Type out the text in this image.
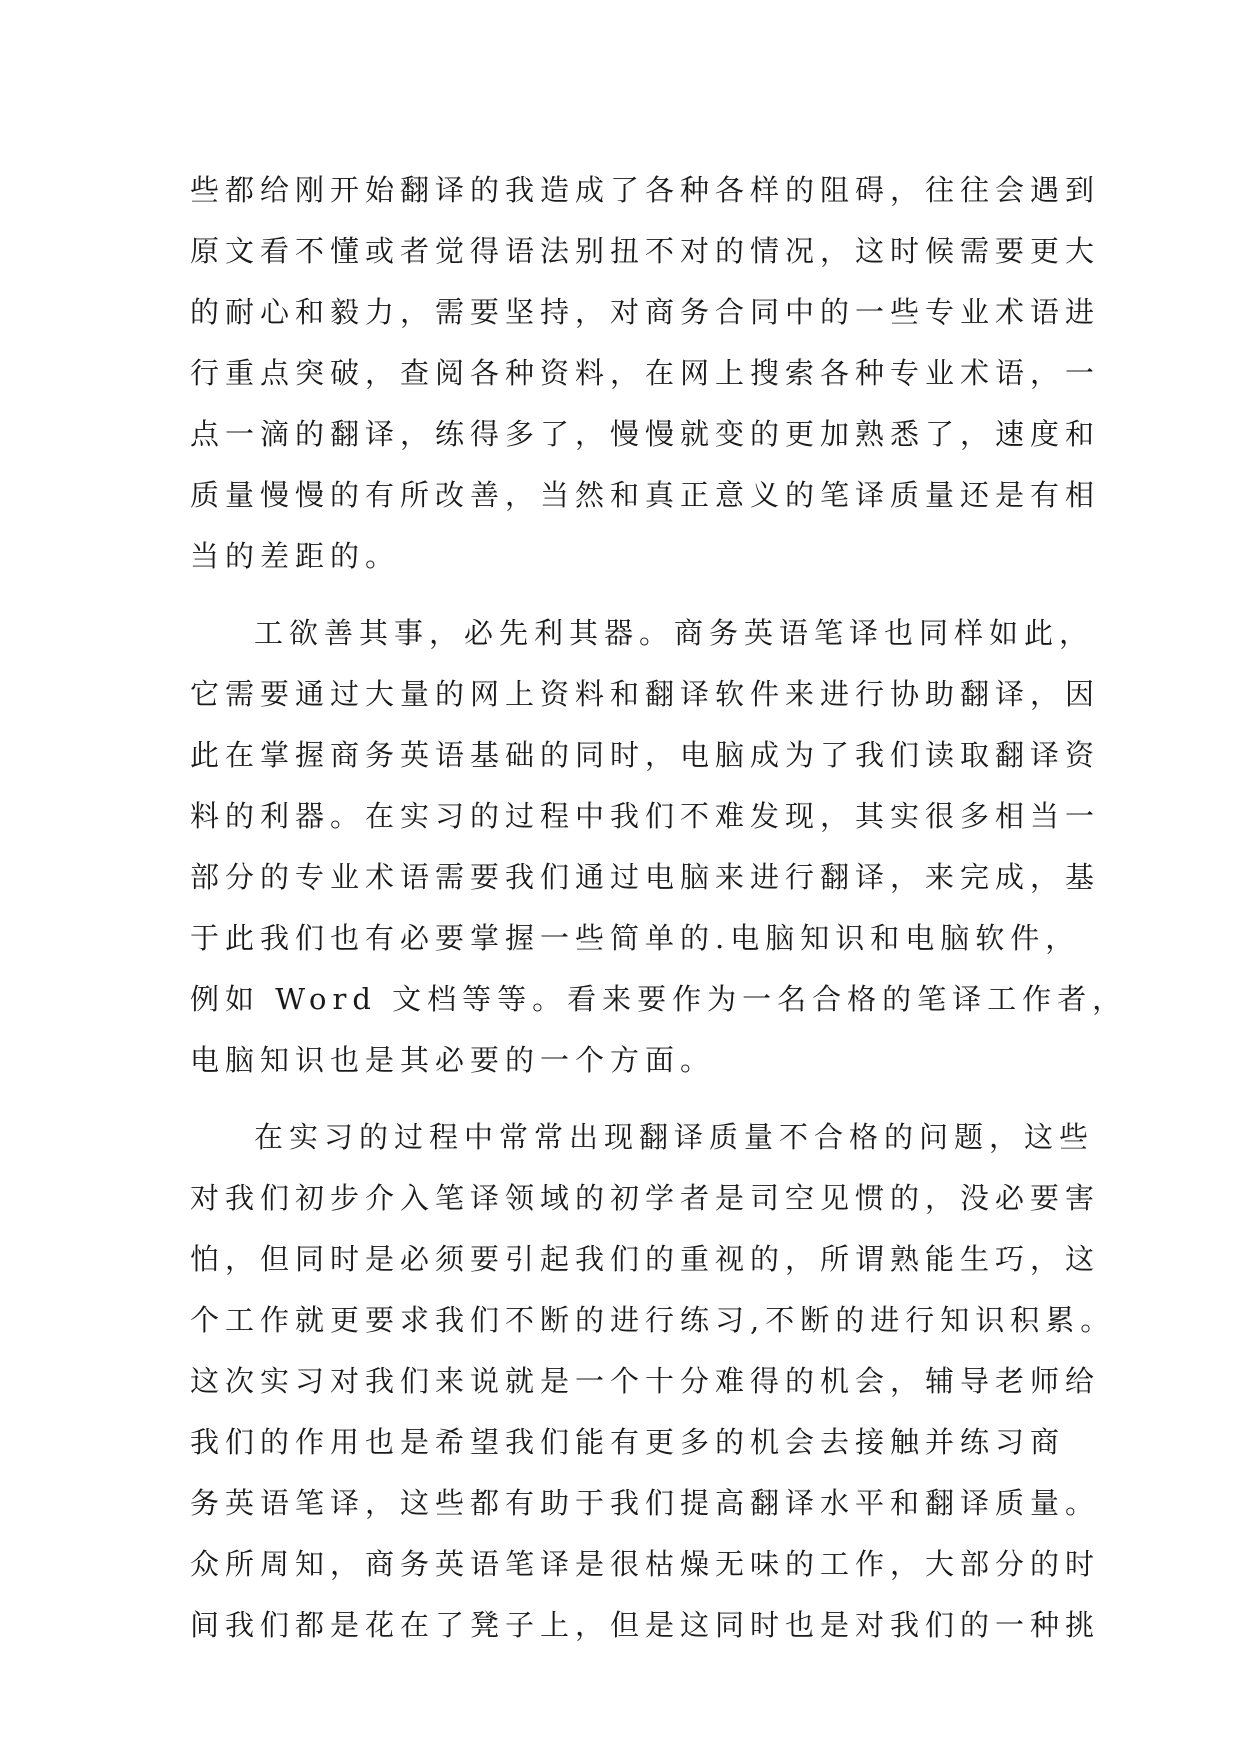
些都给刚开始翻译的我造成了各种各样的阻碍，往往会遇到
原文看不懂或者觉得语法别扭不对的情况，这时候需要更大
的耐心和毅力，需要坚持，对商务合同中的一些专业术语进
行重点突破，查阅各种资料，在网上搜索各种专业术语，一
点一滴的翻译，练得多了，慢慢就变的更加熟悉了，速度和
质量慢慢的有所改善，当然和真正意义的笔译质量还是有相
当的差距的。
工欲善其事，必先利其器。商务英语笔译也同样如此，
它需要通过大量的网上资料和翻译软件来进行协助翻译，因
此在掌握商务英语基础的同时，电脑成为了我们读取翻译资
料的利器。在实习的过程中我们不难发现，其实很多相当一
部分的专业术语需要我们通过电脑来进行翻译，来完成，基
于此我们也有必要掌握一些简单的.电脑知识和电脑软件，
例如 Word 文档等等。看来要作为一名合格的笔译工作者，
电脑知识也是其必要的一个方面。
在实习的过程中常常出现翻译质量不合格的问题，这些
对我们初步介入笔译领域的初学者是司空见惯的，没必要害
怕，但同时是必须要引起我们的重视的，所谓熟能生巧，这
个工作就更要求我们不断的进行练习,不断的进行知识积累。
这次实习对我们来说就是一个十分难得的机会，辅导老师给
我们的作用也是希望我们能有更多的机会去接触并练习商
务英语笔译，这些都有助于我们提高翻译水平和翻译质量。
众所周知，商务英语笔译是很枯燥无味的工作，大部分的时
间我们都是花在了凳子上，但是这同时也是对我们的一种挑
